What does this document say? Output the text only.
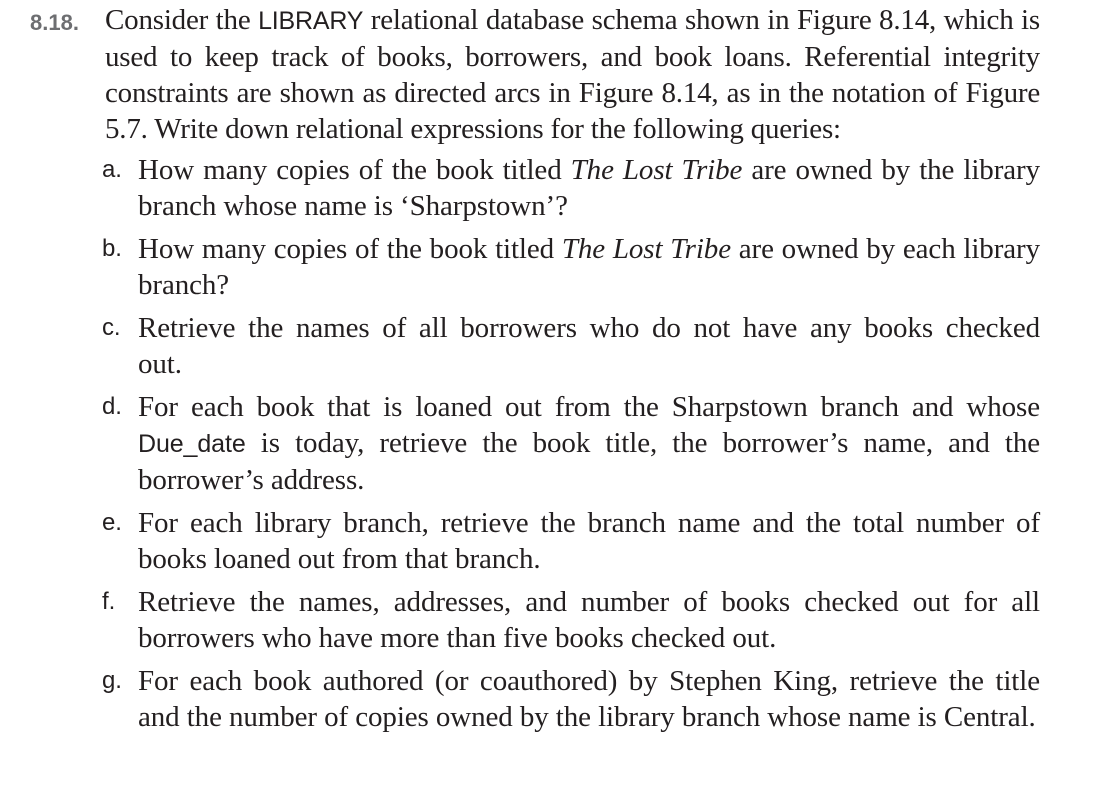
8.18. Consider the LIBRARY relational database schema shown in Figure 8.14, which is used to keep track of books, borrowers, and book loans. Referential integrity constraints are shown as directed arcs in Figure 8.14, as in the notation of Figure 5.7. Write down relational expressions for the following queries:

a. How many copies of the book titled The Lost Tribe are owned by the library branch whose name is ‘Sharpstown’?
b. How many copies of the book titled The Lost Tribe are owned by each library branch?
c. Retrieve the names of all borrowers who do not have any books checked out.
d. For each book that is loaned out from the Sharpstown branch and whose Due_date is today, retrieve the book title, the borrower’s name, and the borrower’s address.
e. For each library branch, retrieve the branch name and the total number of books loaned out from that branch.
f. Retrieve the names, addresses, and number of books checked out for all borrowers who have more than five books checked out.
g. For each book authored (or coauthored) by Stephen King, retrieve the title and the number of copies owned by the library branch whose name is Central.
